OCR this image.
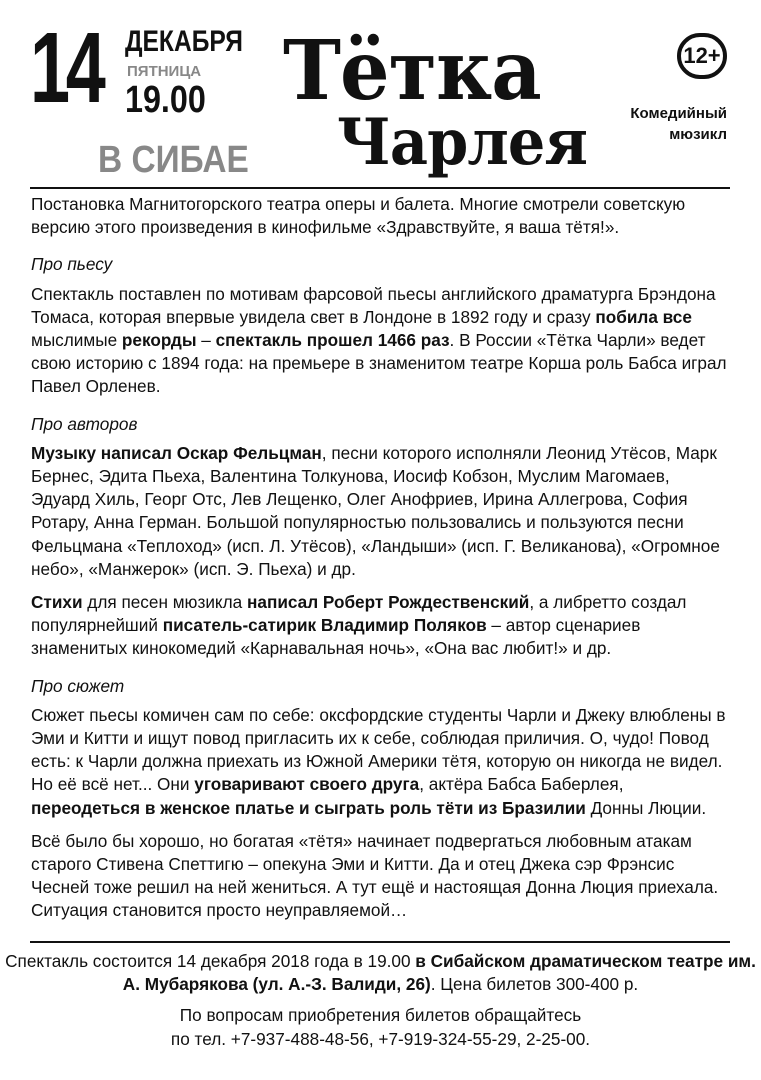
14 ДЕКАБРЯ
ПЯТНИЦА
19.00
В СИБАЕ
Тётка
Чарлея
12+
Комедийный
мюзикл

Постановка Магнитогорского театра оперы и балета. Многие смотрели советскую версию этого произведения в кинофильме «Здравствуйте, я ваша тётя!».

Про пьесу

Спектакль поставлен по мотивам фарсовой пьесы английского драматурга Брэндона Томаса, которая впервые увидела свет в Лондоне в 1892 году и сразу побила все мыслимые рекорды – спектакль прошел 1466 раз. В России «Тётка Чарли» ведет свою историю с 1894 года: на премьере в знаменитом театре Корша роль Бабса играл Павел Орленев.

Про авторов

Музыку написал Оскар Фельцман, песни которого исполняли Леонид Утёсов, Марк Бернес, Эдита Пьеха, Валентина Толкунова, Иосиф Кобзон, Муслим Магомаев, Эдуард Хиль, Георг Отс, Лев Лещенко, Олег Анофриев, Ирина Аллегрова, София Ротару, Анна Герман. Большой популярностью пользовались и пользуются песни Фельцмана «Теплоход» (исп. Л. Утёсов), «Ландыши» (исп. Г. Великанова), «Огромное небо», «Манжерок» (исп. Э. Пьеха) и др.

Стихи для песен мюзикла написал Роберт Рождественский, а либретто создал популярнейший писатель-сатирик Владимир Поляков – автор сценариев знаменитых кинокомедий «Карнавальная ночь», «Она вас любит!» и др.

Про сюжет

Сюжет пьесы комичен сам по себе: оксфордские студенты Чарли и Джеку влюблены в Эми и Китти и ищут повод пригласить их к себе, соблюдая приличия. О, чудо! Повод есть: к Чарли должна приехать из Южной Америки тётя, которую он никогда не видел. Но её всё нет... Они уговаривают своего друга, актёра Бабса Баберлея, переодеться в женское платье и сыграть роль тёти из Бразилии Донны Люции.

Всё было бы хорошо, но богатая «тётя» начинает подвергаться любовным атакам старого Стивена Спеттигю – опекуна Эми и Китти. Да и отец Джека сэр Фрэнсис Чесней тоже решил на ней жениться. А тут ещё и настоящая Донна Люция приехала. Ситуация становится просто неуправляемой…

Спектакль состоится 14 декабря 2018 года в 19.00 в Сибайском драматическом театре им. А. Мубарякова (ул. А.-З. Валиди, 26). Цена билетов 300-400 р.

По вопросам приобретения билетов обращайтесь
по тел. +7-937-488-48-56, +7-919-324-55-29, 2-25-00.
